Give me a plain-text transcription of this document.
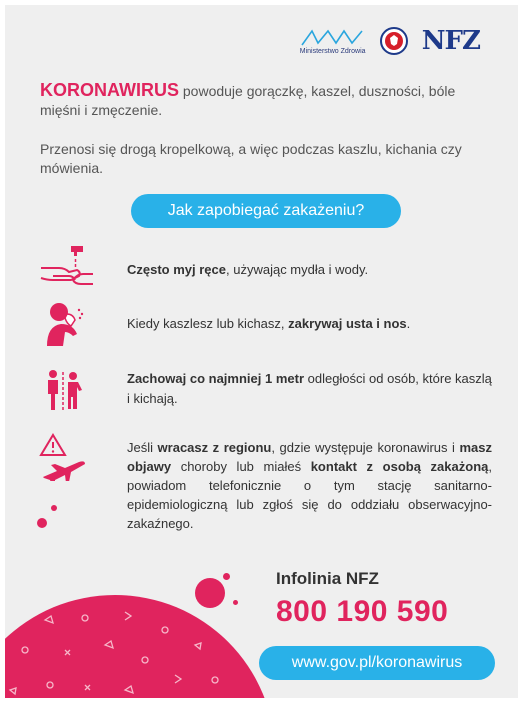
Ministerstwo Zdrowia NFZ
KORONAWIRUS powoduje gorączkę, kaszel, duszności, bóle mięśni i zmęczenie.
Przenosi się drogą kropelkową, a więc podczas kaszlu, kichania czy mówienia.
Jak zapobiegać zakażeniu?
Często myj ręce, używając mydła i wody.
Kiedy kaszlesz lub kichasz, zakrywaj usta i nos.
Zachowaj co najmniej 1 metr odległości od osób, które kaszlą i kichają.
Jeśli wracasz z regionu, gdzie występuje koronawirus i masz objawy choroby lub miałeś kontakt z osobą zakażoną, powiadom telefonicznie o tym stację sanitarno-epidemiologiczną lub zgłoś się do oddziału obserwacyjno-zakaźnego.
Infolinia NFZ
800 190 590
www.gov.pl/koronawirus
